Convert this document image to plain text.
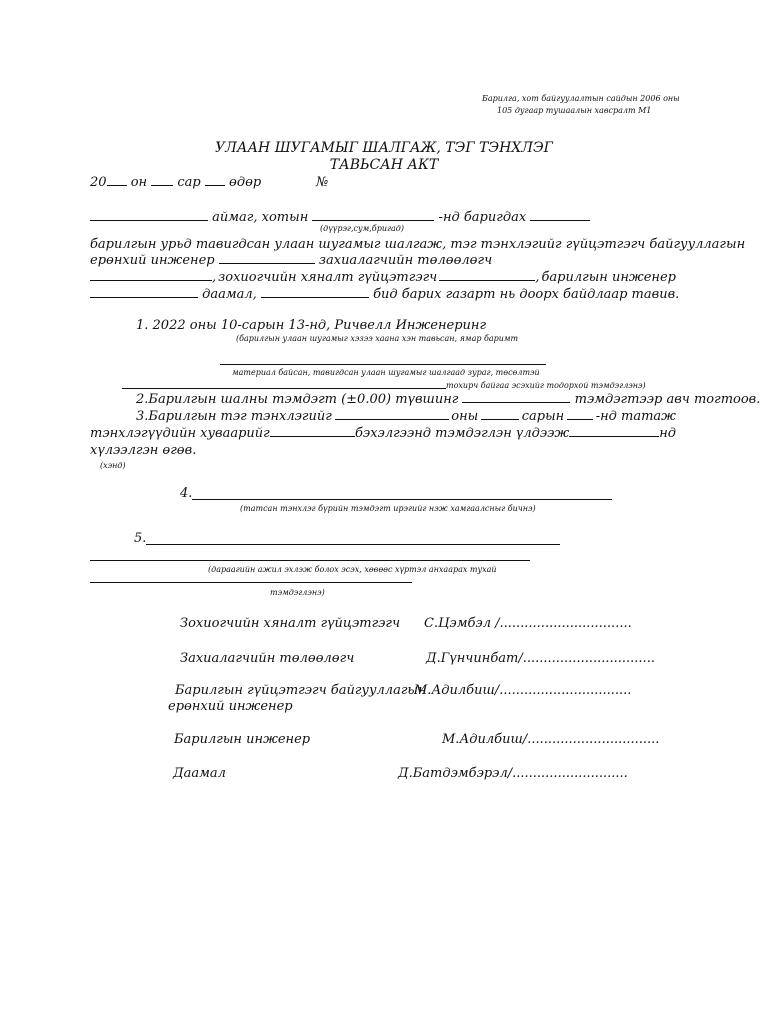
Барилга, хот байгуулалтын сайдын 2006 оны
105 дугаар тушаалын хавсралт М1
УЛААН ШУГАМЫГ ШАЛГАЖ, ТЭГ ТЭНХЛЭГ
ТАВЬСАН АКТ
20 он сар өдөр	№
аймаг, хотын	-нд баригдах
(дүүрэг,сум,бригад)
барилгын урьд тавигдсан улаан шугамыг шалгаж, тэг тэнхлэгийг гүйцэтгэгч байгууллагын
ерөнхий инженер	захиалагчийн төлөөлөгч
, зохиогчийн хяналт гүйцэтгэгч	, барилгын инженер
даамал,	бид барих газарт нь доорх байдлаар тавив.
1. 2022 оны 10-сарын 13-нд, Ричвелл Инженеринг
(барилгын улаан шугамыг хэзээ хаана хэн тавьсан, ямар баримт
материал байсан, тавигдсан улаан шугамыг шалгаад зураг, төсөлтэй
тохирч байгаа эсэхийг тодорхой тэмдэглэнэ)
2.Барилгын шалны тэмдэгт (±0.00) түвшинг	тэмдэгтээр авч тогтоов.
3.Барилгын тэг тэнхлэгийг	оны	сарын -нд татаж
тэнхлэгүүдийн хуваарийг	бэхэлгээнд тэмдэглэн үлдээж	нд
хүлээлгэн өгөв.
(хэнд)
4.
(татсан тэнхлэг бүрийн тэмдэгт ирэгийг нэж хамгаалсныг бичнэ)
5.
(дараагийн ажил эхлэж болох эсэх, хөвөөс хүртэл анхаарах тухай
тэмдэглэнэ)
Зохиогчийн хяналт гүйцэтгэгч С.Цэмбэл /................................
Захиалагчийн төлөөлөгч	Д.Гүнчинбат/................................
Барилгын гүйцэтгэгч байгууллагын
ерөнхий инженер
М.Адилбиш/................................
Барилгын инженер	М.Адилбиш/................................
Даамал	Д.Батдэмбэрэл/............................
